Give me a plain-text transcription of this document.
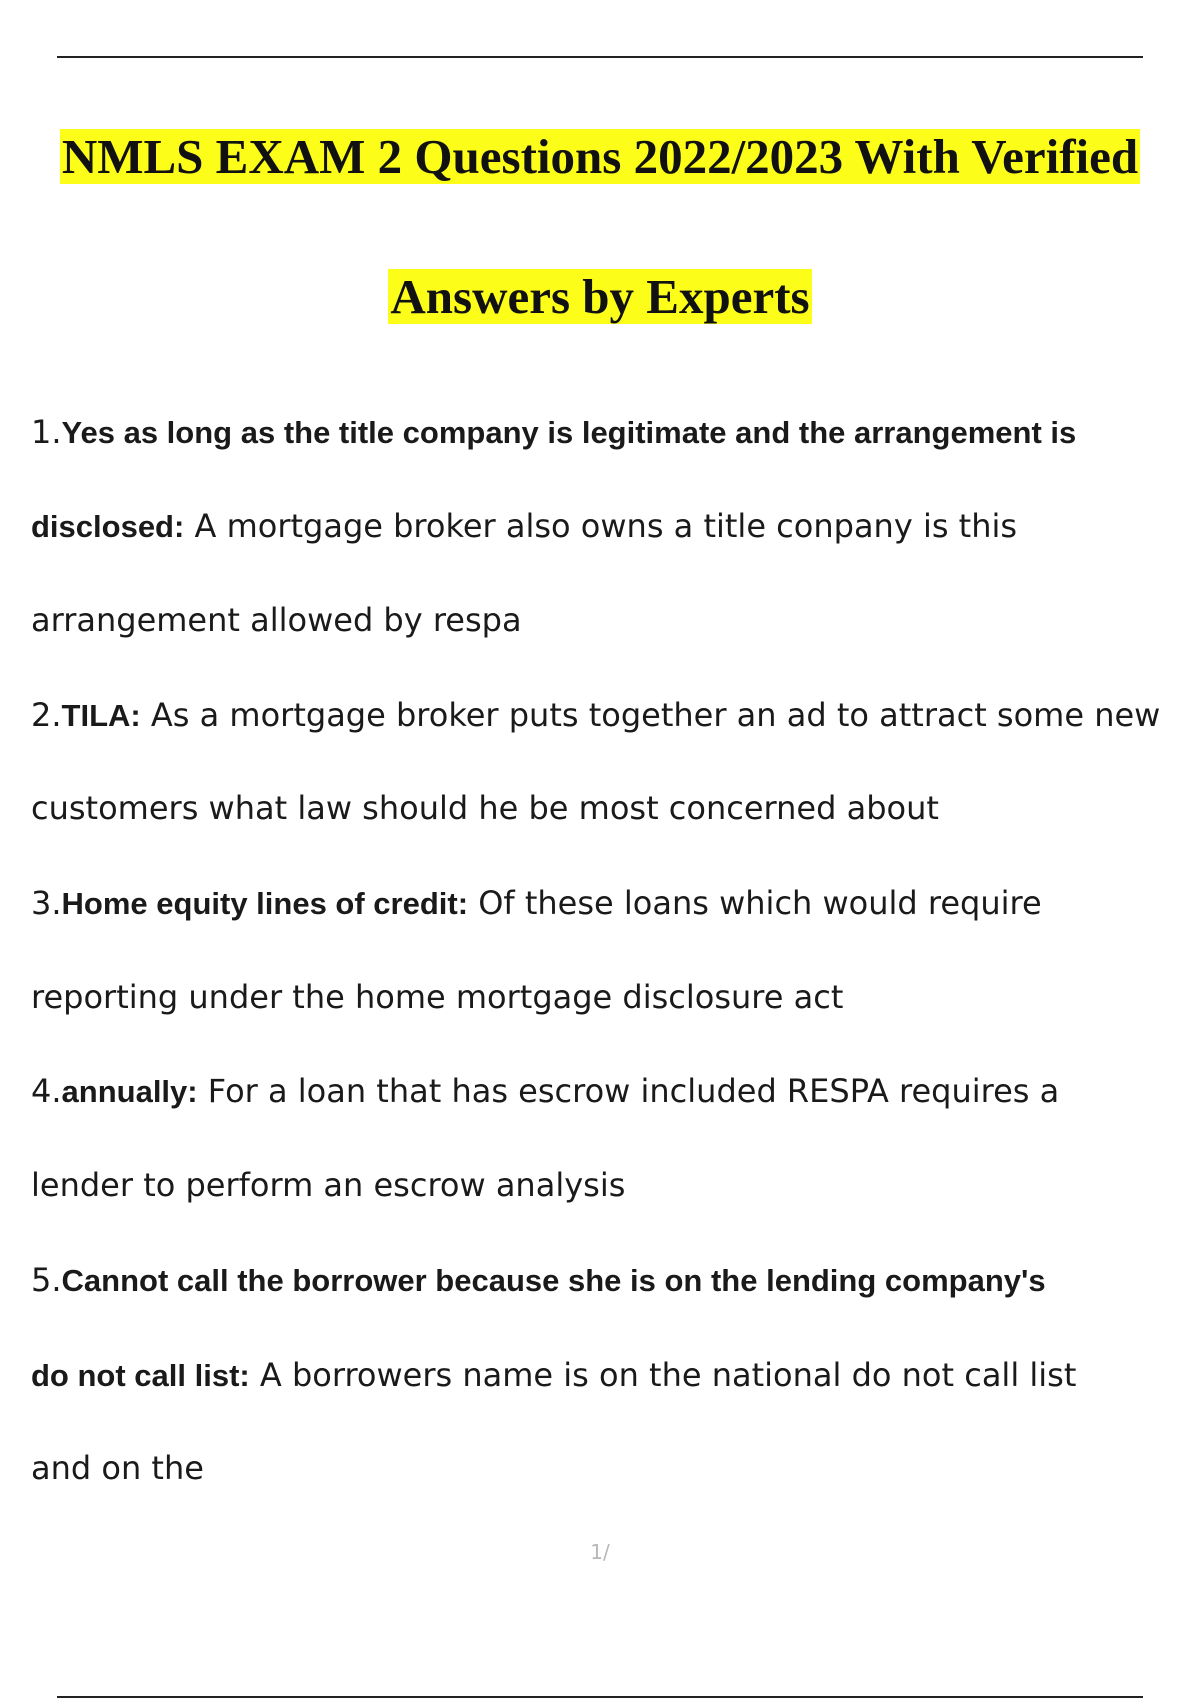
NMLS EXAM 2 Questions 2022/2023 With Verified
Answers by Experts
1.Yes as long as the title company is legitimate and the arrangement is
disclosed: A mortgage broker also owns a title conpany is this
arrangement allowed by respa
2.TILA: As a mortgage broker puts together an ad to attract some new
customers what law should he be most concerned about
3.Home equity lines of credit: Of these loans which would require
reporting under the home mortgage disclosure act
4.annually: For a loan that has escrow included RESPA requires a
lender to perform an escrow analysis
5.Cannot call the borrower because she is on the lending company's
do not call list: A borrowers name is on the national do not call list
and on the
1/
